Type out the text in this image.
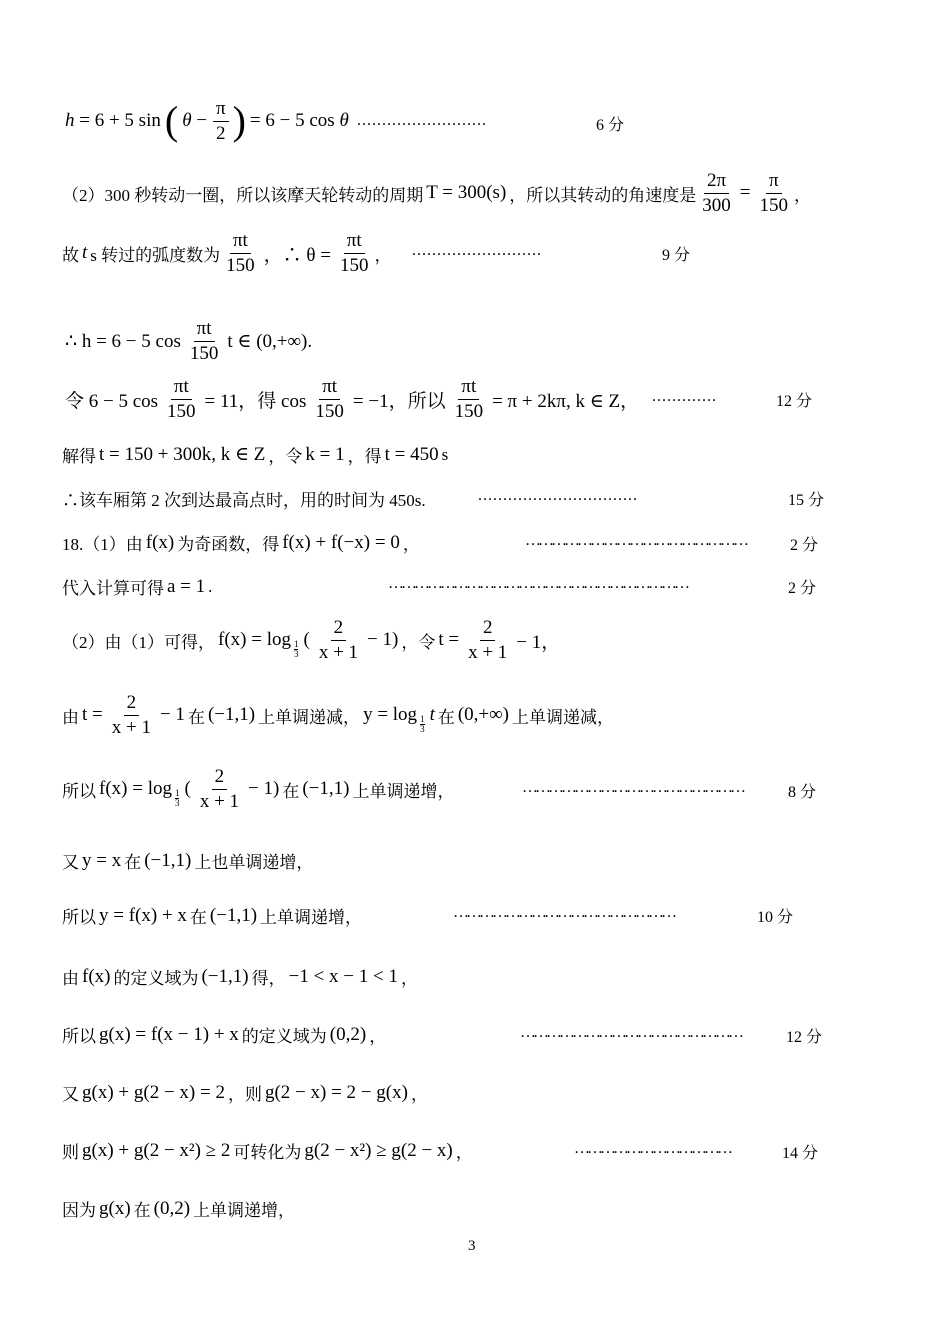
h = 6 + 5 sin ( $\theta - \frac{\pi}{2}$ ) = 6 − 5 cos θ ..........................	6 分
（2）300 秒转动一圈，所以该摩天轮转动的周期 T = 300(s) ，所以其转动的角速度是 $\frac{2\pi}{300} = \frac{\pi}{150}$ ，
故 t s 转过的弧度数为 $\frac{\pi t}{150}$ ，∴ $\theta = \frac{\pi t}{150}$ ， ..........................	9 分
∴ h = 6 − 5 $\cos \frac{\pi t}{150}$ t ∈ (0,+∞).
令 6 − 5 $\cos \frac{\pi t}{150} = 11$，得 $\cos \frac{\pi t}{150} = -1$，所以 $\frac{\pi t}{150} = \pi + 2k\pi$, k ∈ Z， .............	12 分
解得 t = 150 + 300k, k ∈ Z ，令 k = 1 ，得 t = 450 s
∴该车厢第 2 次到达最高点时，用的时间为 450s.	................................	15 分
18.（1）由 f(x) 为奇函数，得 f(x) + f(−x) = 0 ，	……………………………………………	2 分
代入计算可得 a = 1 .	……………………………………………………………	2 分
（2）由（1）可得， $f(x) = \log \frac{1}{3}$ ( $\frac{2}{x + 1} - 1$) ，令 $t = \frac{2}{x + 1} - 1$，
由 $t = \frac{2}{x + 1} - 1$ 在 (−1,1) 上单调递减， $y = \log \frac{1}{3}$ t 在 (0,+∞) 上单调递减，
所以 $f(x) = \log \frac{1}{3}$ ( $\frac{2}{x + 1} - 1$) 在 (−1,1) 上单调递增，	……………………………………………	8 分
又 y = x 在 (−1,1) 上也单调递增，
所以 y = f(x) + x 在 (−1,1) 上单调递增，	……………………………………………	10 分
由 f(x) 的定义域为 (−1,1) 得， −1 < x − 1 < 1 ，
所以 g(x) = f(x − 1) + x 的定义域为 (0,2) ，	……………………………………………	12 分
又 g(x) + g(2 − x) = 2 ，则 g(2 − x) = 2 − g(x) ，
则 g(x) + g(2 − x²) ≥ 2 可转化为 g(2 − x²) ≥ g(2 − x) ，	………………………………	14 分
因为 g(x) 在 (0,2) 上单调递增，
3
